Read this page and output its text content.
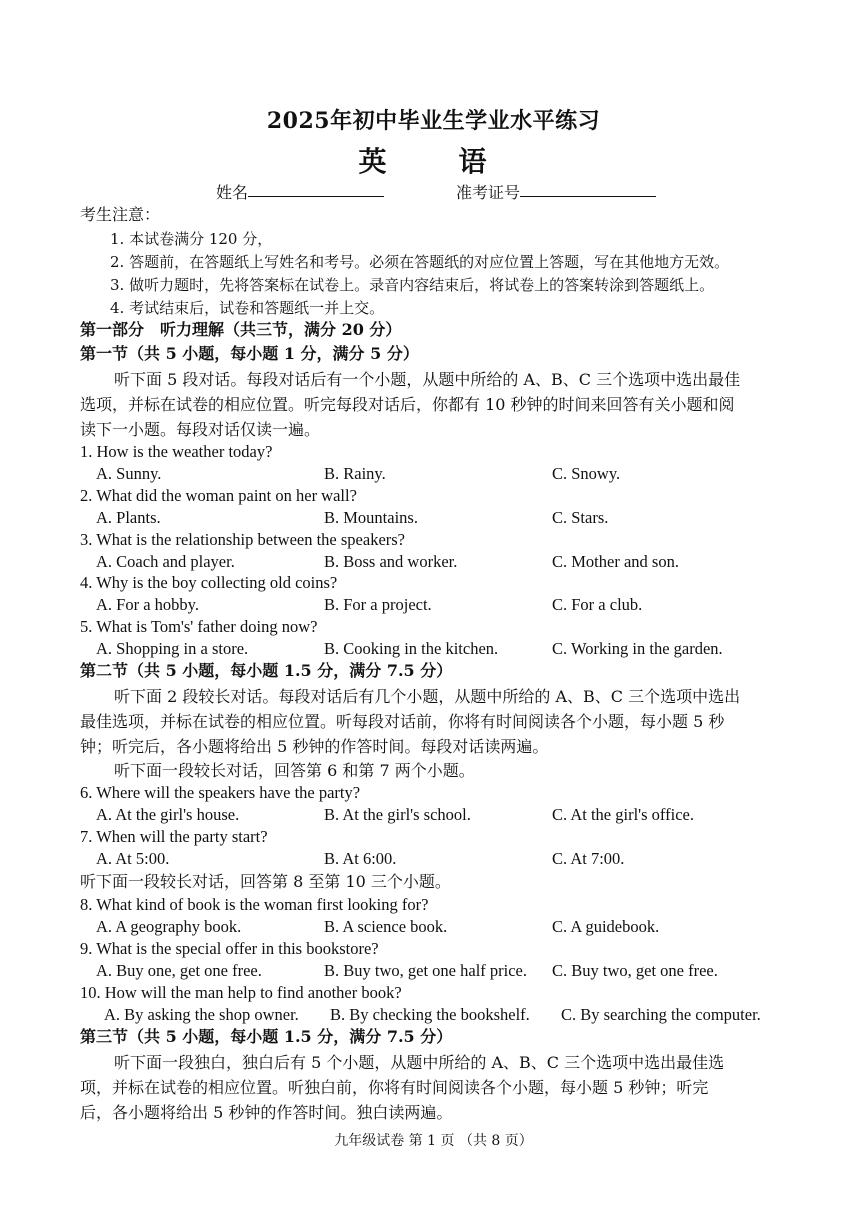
2025年初中毕业生学业水平练习
英　语
姓名	准考证号
考生注意：
1. 本试卷满分 120 分，
2. 答题前，在答题纸上写姓名和考号。必须在答题纸的对应位置上答题，写在其他地方无效。
3. 做听力题时，先将答案标在试卷上。录音内容结束后，将试卷上的答案转涂到答题纸上。
4. 考试结束后，试卷和答题纸一并上交。
第一部分　听力理解（共三节，满分 20 分）
第一节（共 5 小题，每小题 1 分，满分 5 分）
听下面 5 段对话。每段对话后有一个小题，从题中所给的 A、B、C 三个选项中选出最佳
选项，并标在试卷的相应位置。听完每段对话后，你都有 10 秒钟的时间来回答有关小题和阅
读下一小题。每段对话仅读一遍。
1. How is the weather today?
A. Sunny.	B. Rainy.	C. Snowy.
2. What did the woman paint on her wall?
A. Plants.	B. Mountains.	C. Stars.
3. What is the relationship between the speakers?
A. Coach and player.	B. Boss and worker.	C. Mother and son.
4. Why is the boy collecting old coins?
A. For a hobby.	B. For a project.	C. For a club.
5. What is Tom's' father doing now?
A. Shopping in a store.	B. Cooking in the kitchen.	C. Working in the garden.
第二节（共 5 小题，每小题 1.5 分，满分 7.5 分）
听下面 2 段较长对话。每段对话后有几个小题，从题中所给的 A、B、C 三个选项中选出
最佳选项，并标在试卷的相应位置。听每段对话前，你将有时间阅读各个小题，每小题 5 秒
钟；听完后，各小题将给出 5 秒钟的作答时间。每段对话读两遍。
听下面一段较长对话，回答第 6 和第 7 两个小题。
6. Where will the speakers have the party?
A. At the girl's house.	B. At the girl's school.	C. At the girl's office.
7. When will the party start?
A. At 5:00.	B. At 6:00.	C. At 7:00.
听下面一段较长对话，回答第 8 至第 10 三个小题。
8. What kind of book is the woman first looking for?
A. A geography book.	B. A science book.	C. A guidebook.
9. What is the special offer in this bookstore?
A. Buy one, get one free.	B. Buy two, get one half price. C. Buy two, get one free.
10. How will the man help to find another book?
A. By asking the shop owner. B. By checking the bookshelf. C. By searching the computer.
第三节（共 5 小题，每小题 1.5 分，满分 7.5 分）
听下面一段独白，独白后有 5 个小题，从题中所给的 A、B、C 三个选项中选出最佳选
项，并标在试卷的相应位置。听独白前，你将有时间阅读各个小题，每小题 5 秒钟；听完
后，各小题将给出 5 秒钟的作答时间。独白读两遍。
九年级试卷 第 1 页 （共 8 页）
